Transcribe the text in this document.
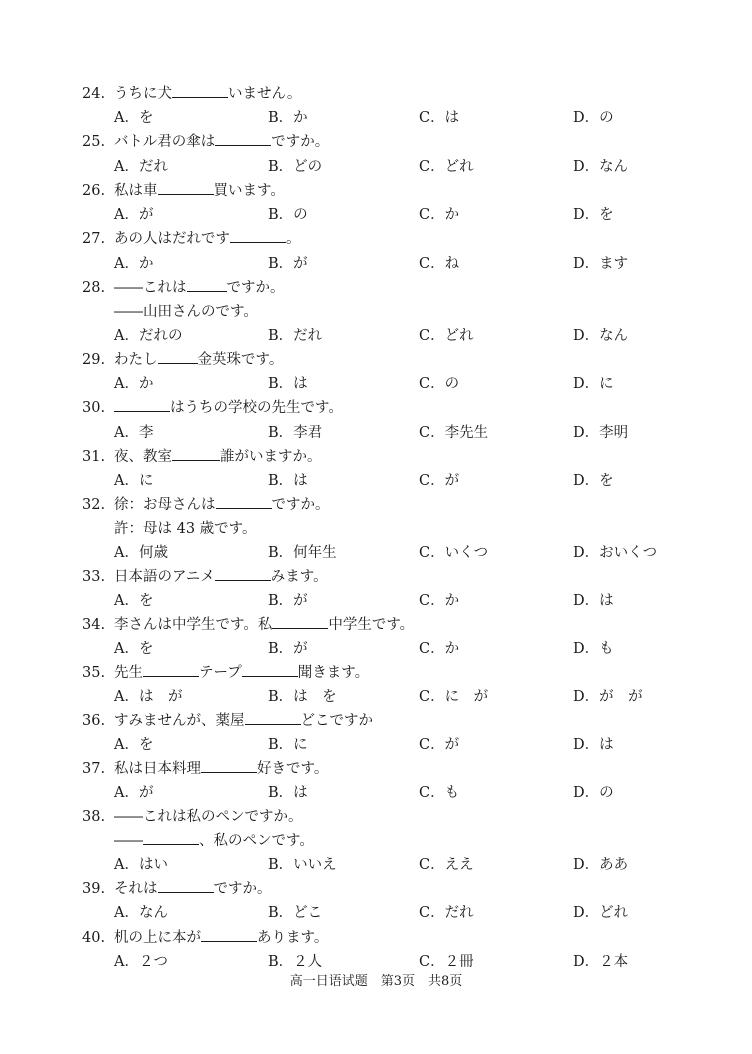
24. うちに犬	いません。
A．を	B．か	C．は	D．の
25. バトル君の傘は	ですか。
A．だれ	B．どの	C．どれ	D．なん
26. 私は車	買います。
A．が	B．の	C．か	D．を
27. あの人はだれです	。
A．か	B．が	C．ね	D．ます
28. ――これは	ですか。
――山田さんのです。
A．だれの	B．だれ	C．どれ	D．なん
29. わたし	金英珠です。
A．か	B．は	C．の	D．に
30.	はうちの学校の先生です。
A．李	B．李君	C．李先生	D．李明
31. 夜、教室	誰がいますか。
A．に	B．は	C．が	D．を
32. 徐：お母さんは	ですか。
許：母は 43 歳です。
A．何歳	B．何年生	C．いくつ	D．おいくつ
33. 日本語のアニメ	みます。
A．を	B．が	C．か	D．は
34. 李さんは中学生です。私	中学生です。
A．を	B．が	C．か	D．も
35. 先生	テープ	聞きます。
A．は　が	B．は　を	C．に　が	D．が　が
36. すみませんが、薬屋	どこですか
A．を	B．に	C．が	D．は
37. 私は日本料理	好きです。
A．が	B．は	C．も	D．の
38. ――これは私のペンですか。
――	、私のペンです。
A．はい	B．いいえ	C．ええ	D．ああ
39. それは	ですか。
A．なん	B．どこ	C．だれ	D．どれ
40. 机の上に本が	あります。
A．２つ	B．２人	C．２冊	D．２本
高一日语试题　第3页　共8页
